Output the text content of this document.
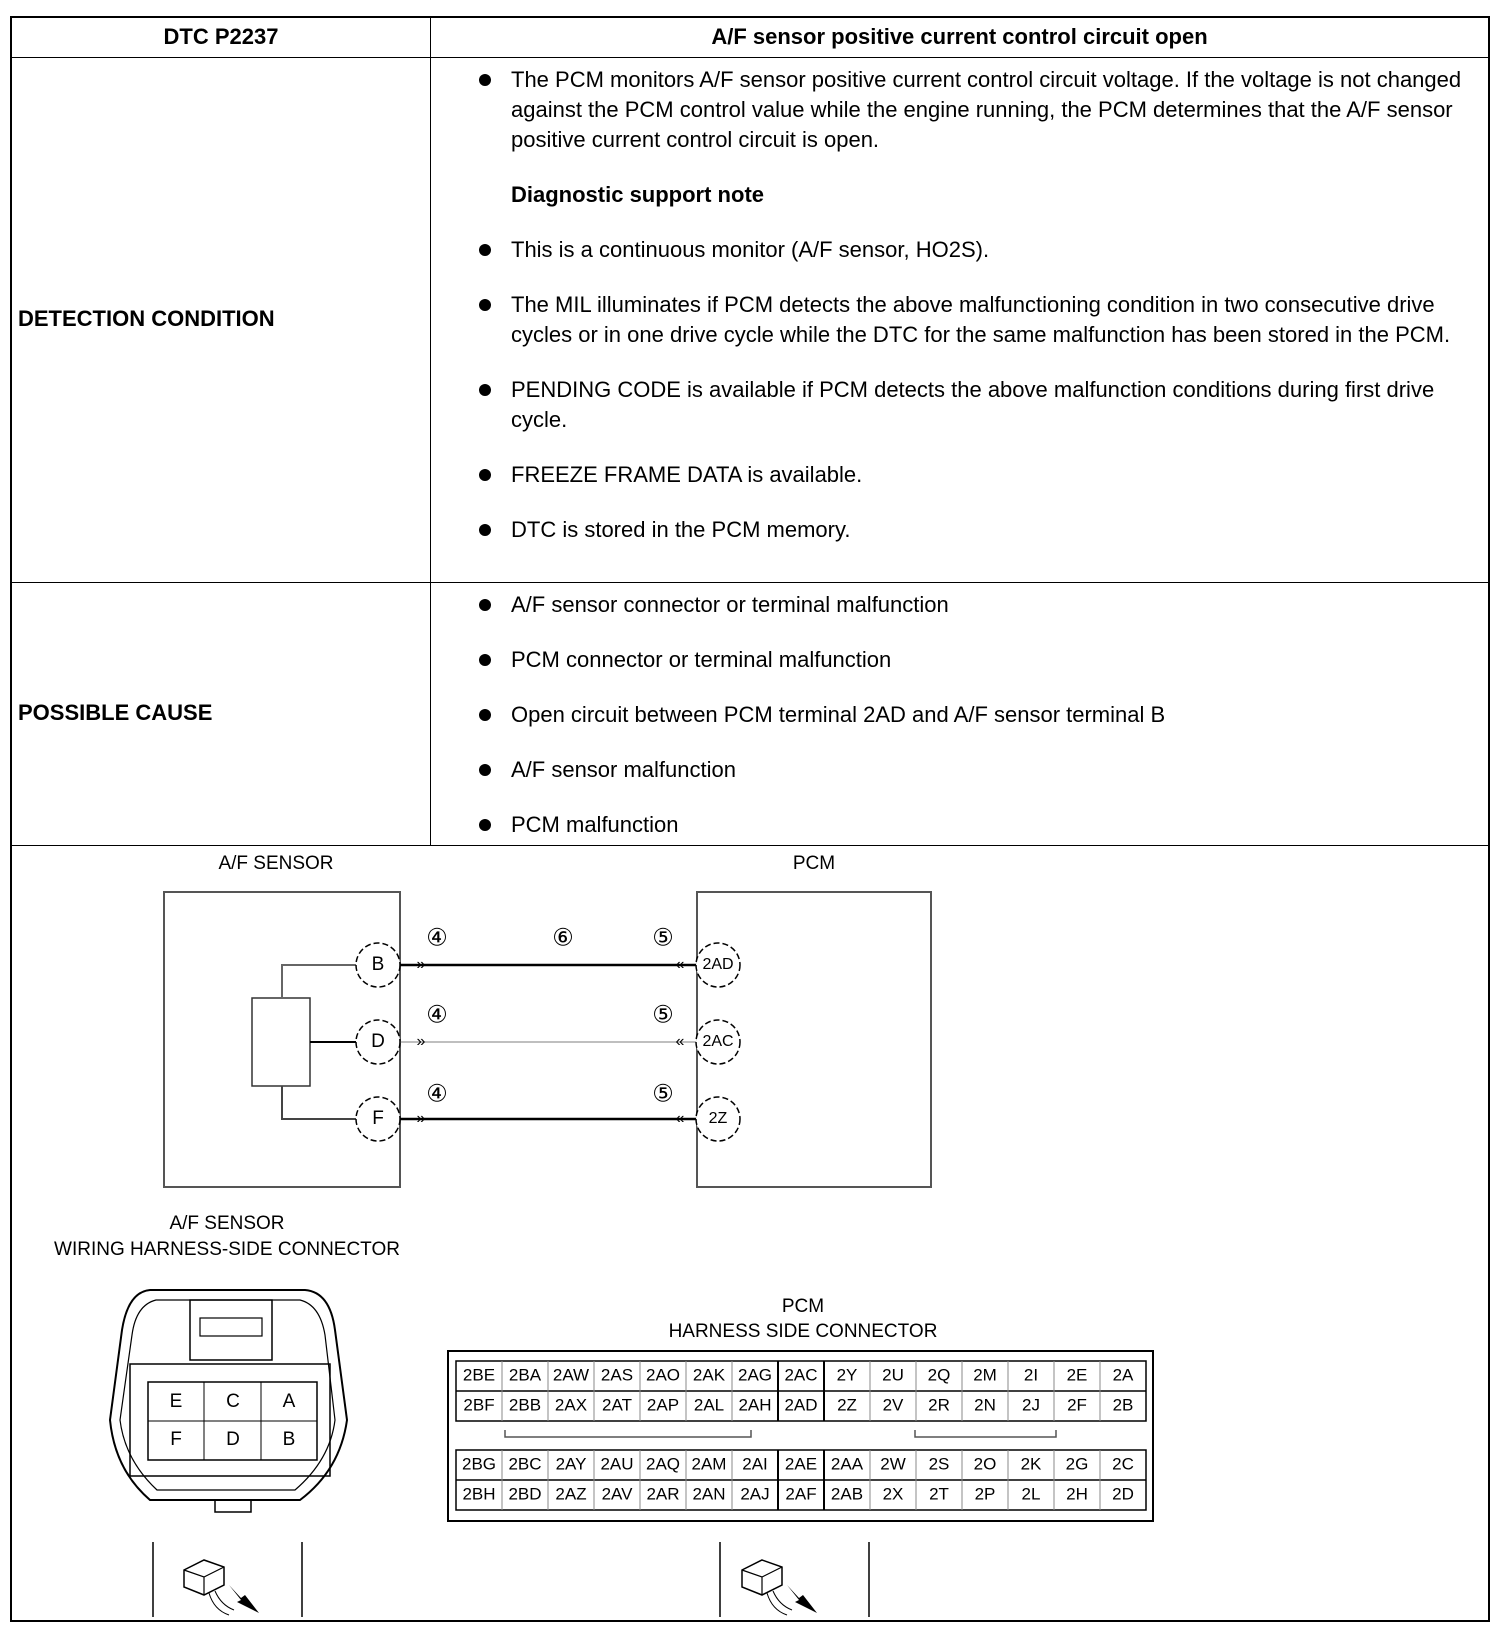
DTC P2237	A/F sensor positive current control circuit open
DETECTION CONDITION
The PCM monitors A/F sensor positive current control circuit voltage. If the voltage is not changed against the PCM control value while the engine running, the PCM determines that the A/F sensor positive current control circuit is open.
Diagnostic support note
This is a continuous monitor (A/F sensor, HO2S).
The MIL illuminates if PCM detects the above malfunctioning condition in two consecutive drive cycles or in one drive cycle while the DTC for the same malfunction has been stored in the PCM.
PENDING CODE is available if PCM detects the above malfunction conditions during first drive cycle.
FREEZE FRAME DATA is available.
DTC is stored in the PCM memory.
POSSIBLE CAUSE
A/F sensor connector or terminal malfunction
PCM connector or terminal malfunction
Open circuit between PCM terminal 2AD and A/F sensor terminal B
A/F sensor malfunction
PCM malfunction
A/F SENSOR	PCM
B	2AD
»	«
④	⑤
D	2AC
»	«
④	⑤
F	2Z
»	«
④	⑤
⑥
A/F SENSOR
WIRING HARNESS-SIDE CONNECTOR
E C A
F D B
PCM
HARNESS SIDE CONNECTOR
2BE 2BA 2AW 2AS 2AO 2AK 2AG 2AC 2Y 2U 2Q 2M 2I 2E 2A
2BF 2BB 2AX 2AT 2AP 2AL 2AH 2AD 2Z 2V 2R 2N 2J 2F 2B
2BG 2BC 2AY 2AU 2AQ 2AM 2AI 2AE 2AA 2W 2S 2O 2K 2G 2C
2BH 2BD 2AZ 2AV 2AR 2AN 2AJ 2AF 2AB 2X 2T 2P 2L 2H 2D
